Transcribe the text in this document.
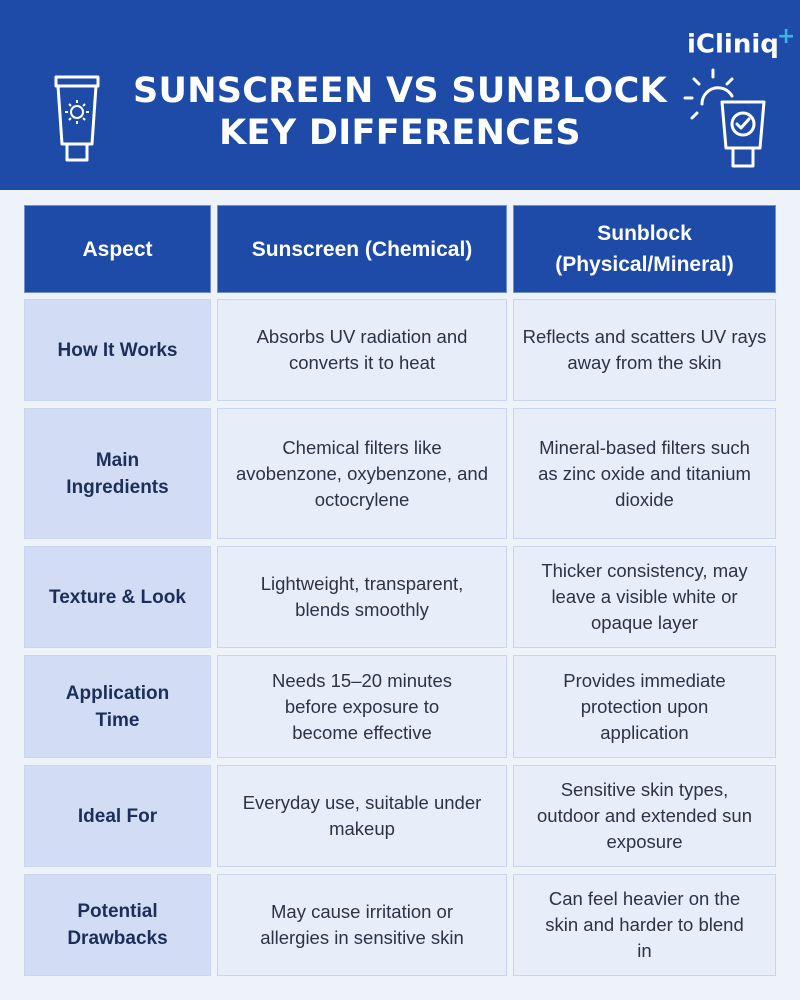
iCliniq+
SUNSCREEN VS SUNBLOCK
KEY DIFFERENCES
Aspect	Sunscreen (Chemical)
Sunblock (Physical/Mineral)
How It Works
Absorbs UV radiation and converts it to heat
Reflects and scatters UV rays away from the skin
Main Ingredients
Chemical filters like avobenzone, oxybenzone, and octocrylene
Mineral-based filters such as zinc oxide and titanium dioxide
Texture & Look
Lightweight, transparent, blends smoothly
Thicker consistency, may leave a visible white or opaque layer
Application Time
Needs 15–20 minutes before exposure to become effective
Provides immediate protection upon application
Ideal For
Everyday use, suitable under makeup
Sensitive skin types, outdoor and extended sun exposure
Potential Drawbacks
May cause irritation or allergies in sensitive skin
Can feel heavier on the skin and harder to blend in
